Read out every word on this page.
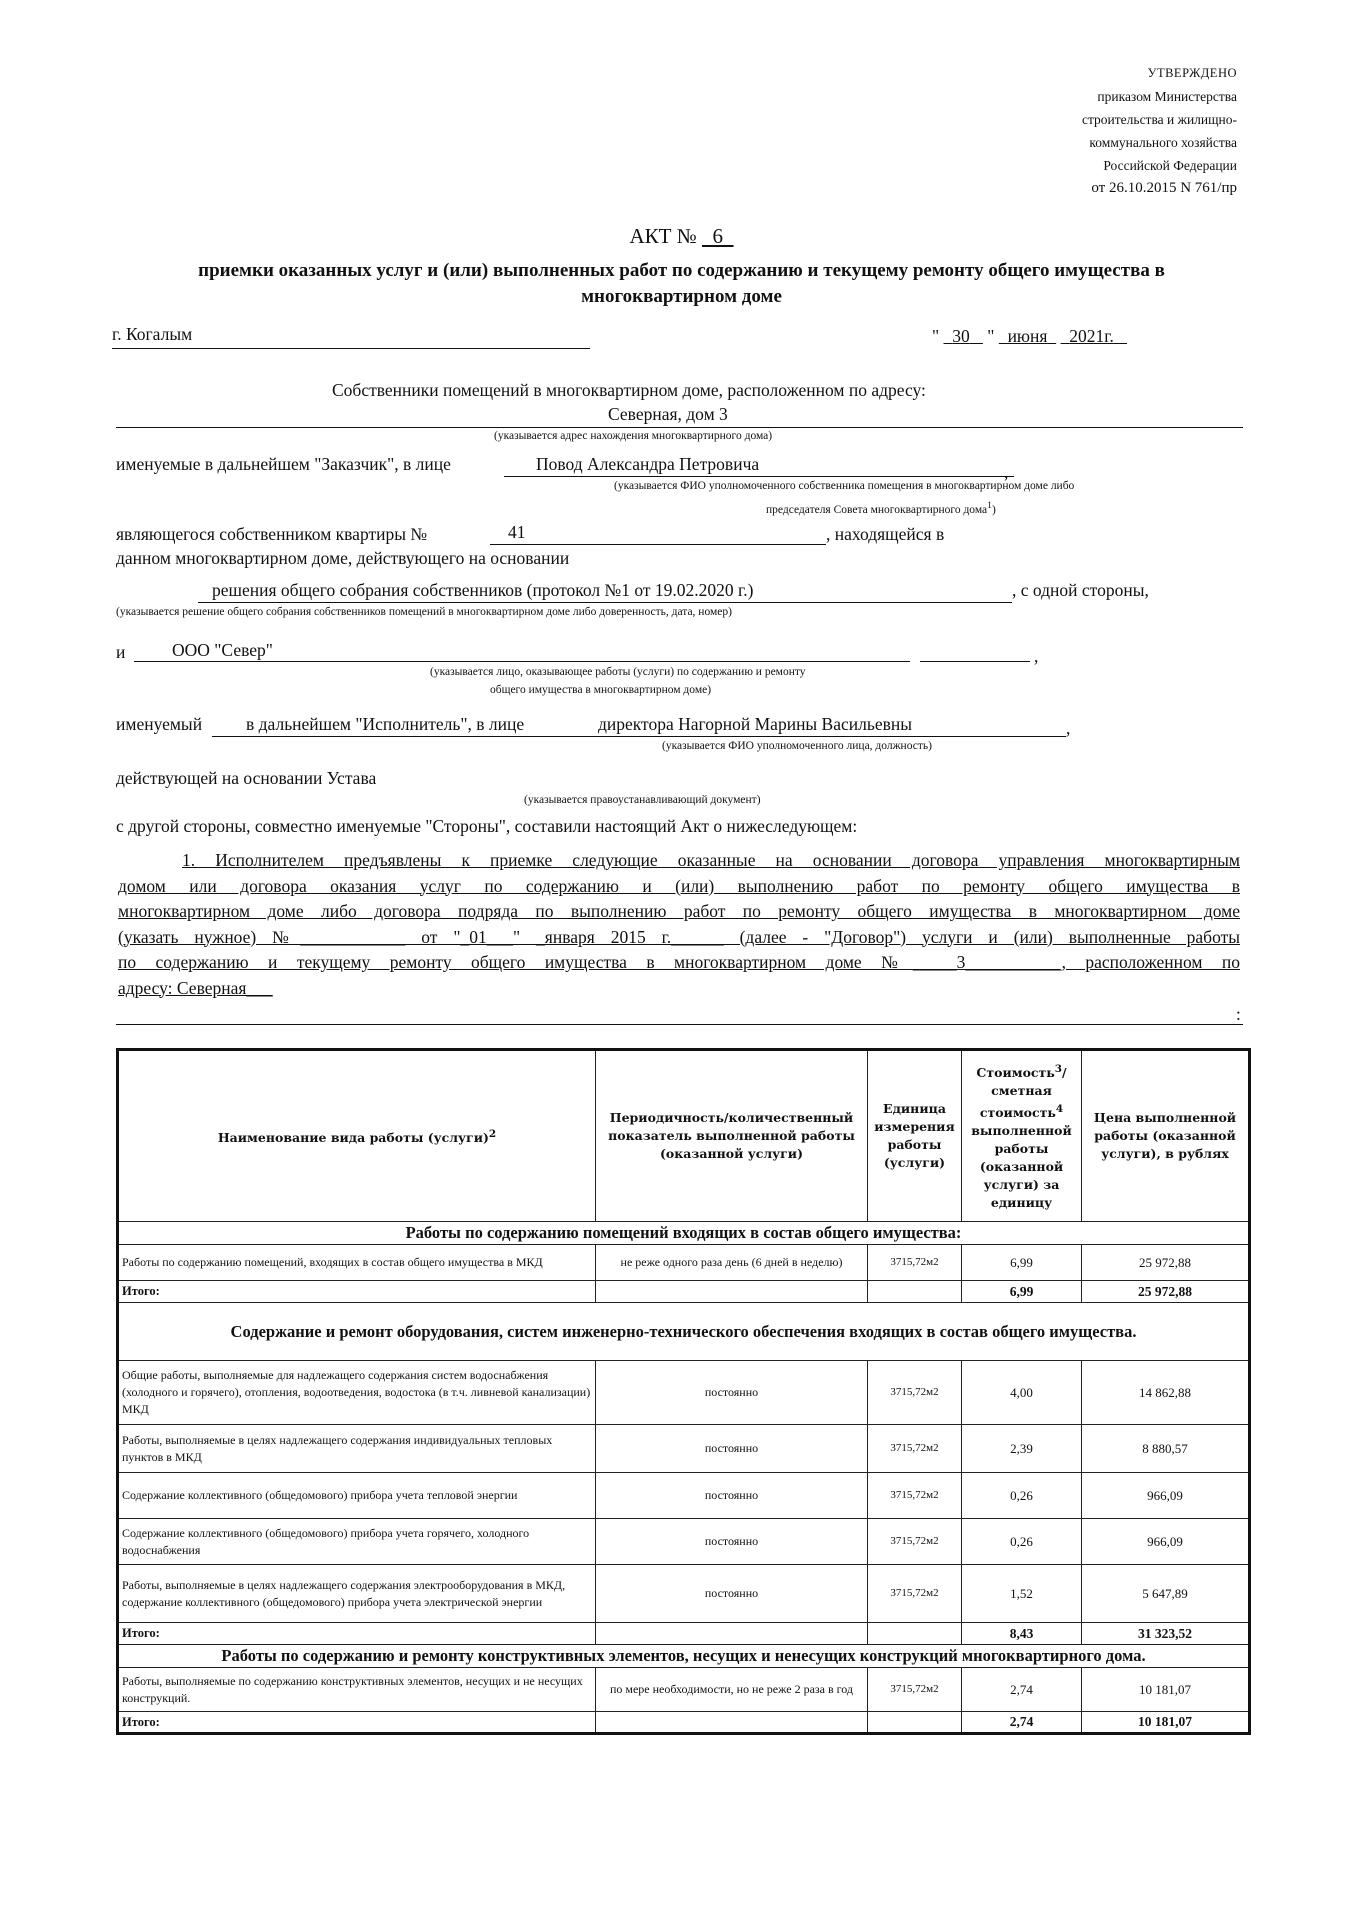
УТВЕРЖДЕНО
приказом Министерства
строительства и жилищно-
коммунального хозяйства
Российской Федерации
от 26.10.2015 N 761/пр
АКТ № 6
приемки оказанных услуг и (или) выполненных работ по содержанию и текущему ремонту общего имущества в
многоквартирном доме
г. Когалым	" 30 " июня 2021г.
Собственники помещений в многоквартирном доме, расположенном по адресу:
Северная, дом 3
(указывается адрес нахождения многоквартирного дома)
именуемые в дальнейшем "Заказчик", в лице	Повод Александра Петровича	,
(указывается ФИО уполномоченного собственника помещения в многоквартирном доме либо
председателя Совета многоквартирного дома$^1$)
являющегося собственником квартиры №	41	, находящейся в
данном многоквартирном доме, действующего на основании
решения общего собрания собственников (протокол №1 от 19.02.2020 г.)	, с одной стороны,
(указывается решение общего собрания собственников помещений в многоквартирном доме либо доверенность, дата, номер)
и	ООО "Север"	,
(указывается лицо, оказывающее работы (услуги) по содержанию и ремонту
общего имущества в многоквартирном доме)
именуемый	в дальнейшем "Исполнитель", в лице	директора Нагорной Марины Васильевны	,
(указывается ФИО уполномоченного лица, должность)
действующей на основании Устава
(указывается правоустанавливающий документ)
с другой стороны, совместно именуемые "Стороны", составили настоящий Акт о нижеследующем:
1. Исполнителем предъявлены к приемке следующие оказанные на основании договора управления многоквартирным
домом или договора оказания услуг по содержанию и (или) выполнению работ по ремонту общего имущества в
многоквартирном доме либо договора подряда по выполнению работ по ремонту общего имущества в многоквартирном доме
(указать нужное) №____________ от "_01___" _января 2015 г.______ (далее - "Договор") услуги и (или) выполненные работы
по содержанию и текущему ремонту общего имущества в многоквартирном доме №_____3___________, расположенном по
адресу: Северная___
:
Наименование вида работы (услуги)$^2$	Периодичность/количественный показатель выполненной работы (оказанной услуги)	Единица измерения работы (услуги)	Стоимость$^3$/сметная стоимость$^4$ выполненной работы (оказанной услуги) за единицу	Цена выполненной работы (оказанной услуги), в рублях
Работы по содержанию помещений входящих в состав общего имущества:				
Работы по содержанию помещений, входящих в состав общего имущества в МКД	не реже одного раза день (6 дней в неделю)	3715,72м2	6,99	25 972,88
Итого:			6,99	25 972,88
Содержание и ремонт оборудования, систем инженерно-технического обеспечения входящих в состав общего имущества.				
Общие работы, выполняемые для надлежащего содержания систем водоснабжения (холодного и горячего), отопления, водоотведения, водостока (в т.ч. ливневой канализации) МКД	постоянно	3715,72м2	4,00	14 862,88
Работы, выполняемые в целях надлежащего содержания индивидуальных тепловых пунктов в МКД	постоянно	3715,72м2	2,39	8 880,57
Содержание коллективного (общедомового) прибора учета тепловой энергии	постоянно	3715,72м2	0,26	966,09
Содержание коллективного (общедомового) прибора учета горячего, холодного водоснабжения	постоянно	3715,72м2	0,26	966,09
Работы, выполняемые в целях надлежащего содержания электрооборудования в МКД, содержание коллективного (общедомового) прибора учета электрической энергии	постоянно	3715,72м2	1,52	5 647,89
Итого:			8,43	31 323,52
Работы по содержанию и ремонту конструктивных элементов, несущих и ненесущих конструкций многоквартирного дома.				
Работы, выполняемые по содержанию конструктивных элементов, несущих и не несущих конструкций.	по мере необходимости, но не реже 2 раза в год	3715,72м2	2,74	10 181,07
Итого:			2,74	10 181,07
